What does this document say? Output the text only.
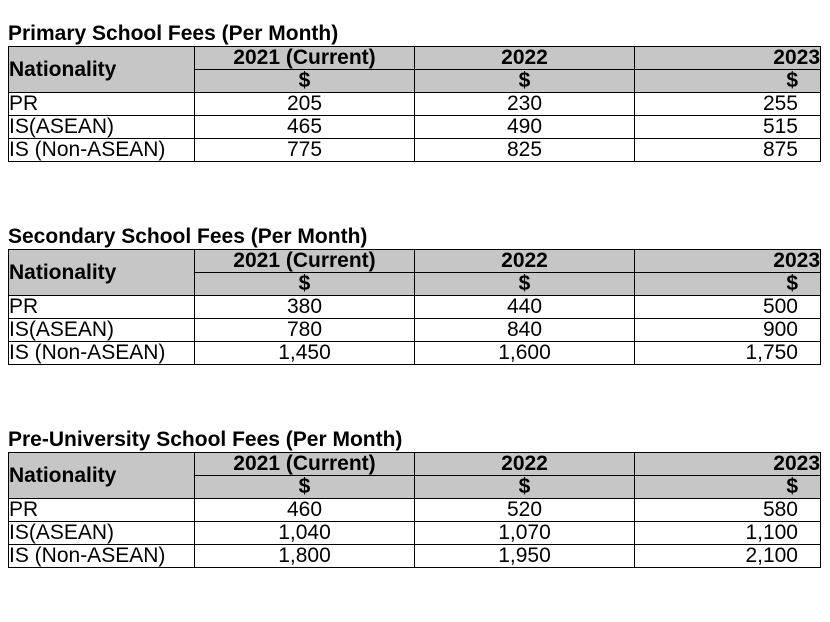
Primary School Fees (Per Month)
Nationality	2021 (Current)	2022	2023
	$	$	$
PR	205	230	255
IS(ASEAN)	465	490	515
IS (Non-ASEAN)	775	825	875
Secondary School Fees (Per Month)
Nationality	2021 (Current)	2022	2023
	$	$	$
PR	380	440	500
IS(ASEAN)	780	840	900
IS (Non-ASEAN)	1,450	1,600	1,750
Pre-University School Fees (Per Month)
Nationality	2021 (Current)	2022	2023
	$	$	$
PR	460	520	580
IS(ASEAN)	1,040	1,070	1,100
IS (Non-ASEAN)	1,800	1,950	2,100
